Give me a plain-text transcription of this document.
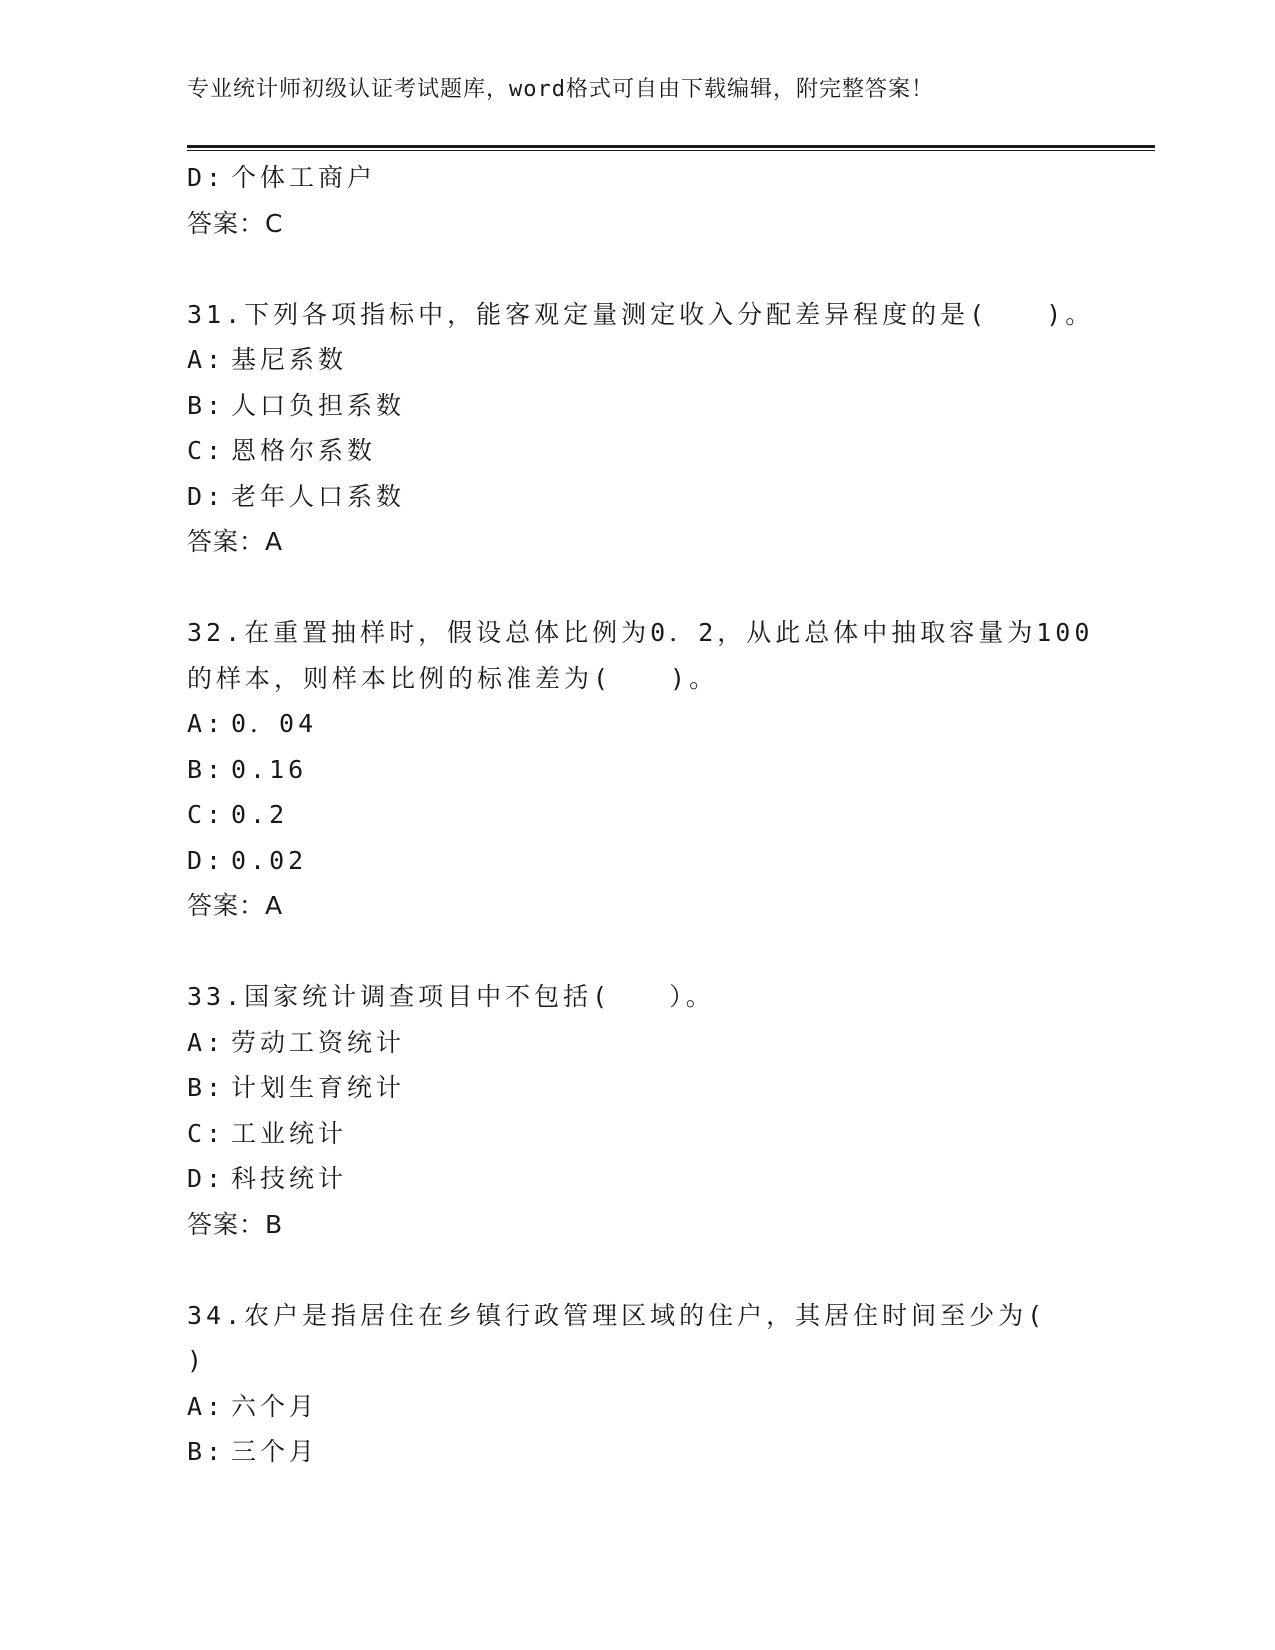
专业统计师初级认证考试题库，word格式可自由下载编辑，附完整答案！
D: 个体工商户
答案：C
31.下列各项指标中，能客观定量测定收入分配差异程度的是(　　)。
A: 基尼系数
B: 人口负担系数
C: 恩格尔系数
D: 老年人口系数
答案：A
32.在重置抽样时，假设总体比例为0．2，从此总体中抽取容量为100
的样本，则样本比例的标准差为(　　)。
A: 0．04
B: 0.16
C: 0.2
D: 0.02
答案：A
33.国家统计调查项目中不包括(　　）。
A: 劳动工资统计
B: 计划生育统计
C: 工业统计
D: 科技统计
答案：B
34.农户是指居住在乡镇行政管理区域的住户，其居住时间至少为(
)
A: 六个月
B: 三个月
